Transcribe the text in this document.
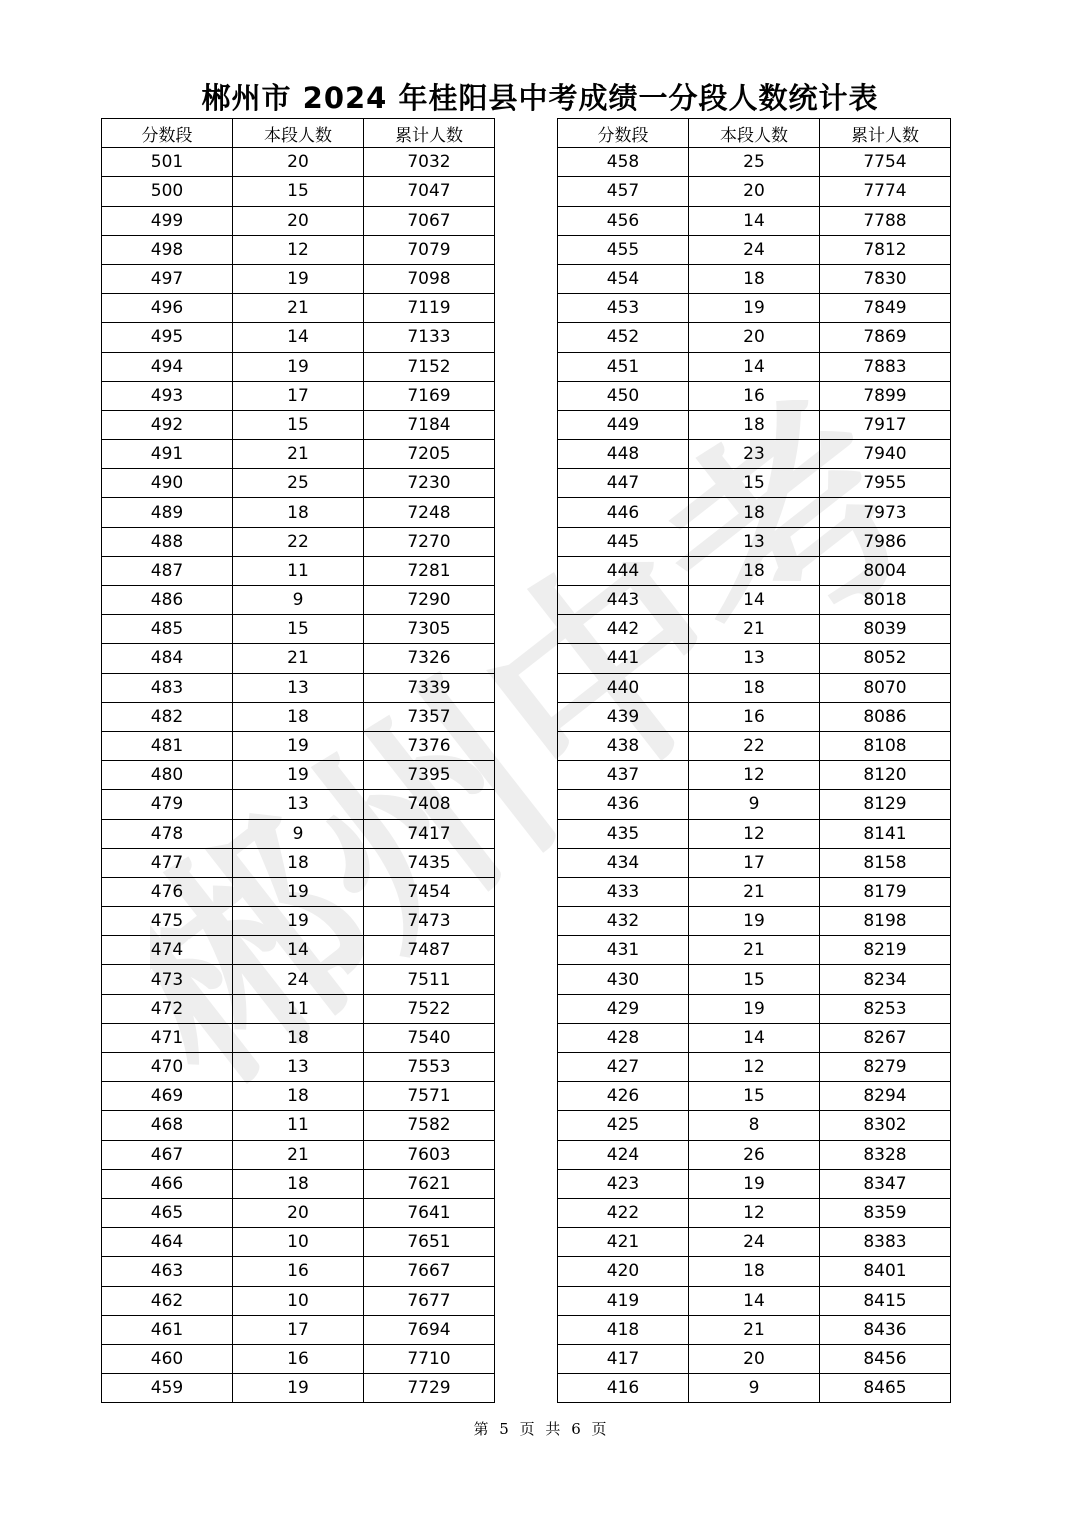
郴州市 2024 年桂阳县中考成绩一分段人数统计表
郴州中考
分数段	本段人数	累计人数
501	20	7032
500	15	7047
499	20	7067
498	12	7079
497	19	7098
496	21	7119
495	14	7133
494	19	7152
493	17	7169
492	15	7184
491	21	7205
490	25	7230
489	18	7248
488	22	7270
487	11	7281
486	9	7290
485	15	7305
484	21	7326
483	13	7339
482	18	7357
481	19	7376
480	19	7395
479	13	7408
478	9	7417
477	18	7435
476	19	7454
475	19	7473
474	14	7487
473	24	7511
472	11	7522
471	18	7540
470	13	7553
469	18	7571
468	11	7582
467	21	7603
466	18	7621
465	20	7641
464	10	7651
463	16	7667
462	10	7677
461	17	7694
460	16	7710
459	19	7729
分数段	本段人数	累计人数
458	25	7754
457	20	7774
456	14	7788
455	24	7812
454	18	7830
453	19	7849
452	20	7869
451	14	7883
450	16	7899
449	18	7917
448	23	7940
447	15	7955
446	18	7973
445	13	7986
444	18	8004
443	14	8018
442	21	8039
441	13	8052
440	18	8070
439	16	8086
438	22	8108
437	12	8120
436	9	8129
435	12	8141
434	17	8158
433	21	8179
432	19	8198
431	21	8219
430	15	8234
429	19	8253
428	14	8267
427	12	8279
426	15	8294
425	8	8302
424	26	8328
423	19	8347
422	12	8359
421	24	8383
420	18	8401
419	14	8415
418	21	8436
417	20	8456
416	9	8465
第 5 页 共 6 页
